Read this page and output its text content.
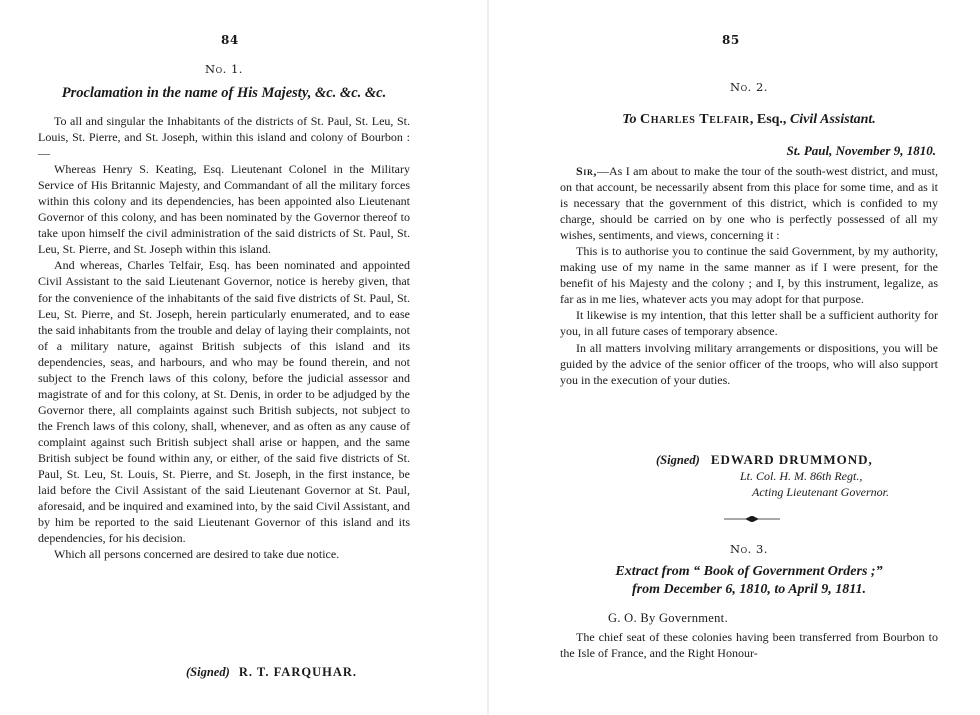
84
No. 1.
Proclamation in the name of His Majesty, &c. &c. &c.

To all and singular the Inhabitants of the districts of St. Paul, St. Leu, St. Louis, St. Pierre, and St. Joseph, within this island and colony of Bourbon :—

Whereas Henry S. Keating, Esq. Lieutenant Colonel in the Military Service of His Britannic Majesty, and Commandant of all the military forces within this colony and its dependencies, has been appointed also Lieutenant Governor of this colony, and has been nominated by the Governor thereof to take upon himself the civil administration of the said districts of St. Paul, St. Leu, St. Pierre, and St. Joseph within this island.

And whereas, Charles Telfair, Esq. has been nominated and appointed Civil Assistant to the said Lieutenant Governor, notice is hereby given, that for the convenience of the inhabitants of the said five districts of St. Paul, St. Leu, St. Pierre, and St. Joseph, herein particularly enumerated, and to ease the said inhabitants from the trouble and delay of laying their complaints, not of a military nature, against British subjects of this island and its dependencies, seas, and harbours, and who may be found therein, and not subject to the French laws of this colony, before the judicial assessor and magistrate of and for this colony, at St. Denis, in order to be adjudged by the Governor there, all complaints against such British subjects, not subject to the French laws of this colony, shall, whenever, and as often as any cause of complaint against such British subject shall arise or happen, and the same British subject be found within any, or either, of the said five districts of St. Paul, St. Leu, St. Louis, St. Pierre, and St. Joseph, in the first instance, be laid before the Civil Assistant of the said Lieutenant Governor at St. Paul, aforesaid, and be inquired and examined into, by the said Civil Assistant, and by him be reported to the said Lieutenant Governor of this island and its dependencies, for his decision.

Which all persons concerned are desired to take due notice.

(Signed) R. T. FARQUHAR.
85
No. 2.
To Charles Telfair, Esq., Civil Assistant.
St. Paul, November 9, 1810.

Sir,—As I am about to make the tour of the south-west district, and must, on that account, be necessarily absent from this place for some time, and as it is necessary that the government of this district, which is confided to my charge, should be carried on by one who is perfectly possessed of all my wishes, sentiments, and views, concerning it :

This is to authorise you to continue the said Government, by my authority, making use of my name in the same manner as if I were present, for the benefit of his Majesty and the colony ; and I, by this instrument, legalize, as far as in me lies, whatever acts you may adopt for that purpose.

It likewise is my intention, that this letter shall be a sufficient authority for you, in all future cases of temporary absence.

In all matters involving military arrangements or dispositions, you will be guided by the advice of the senior officer of the troops, who will also support you in the execution of your duties.

(Signed) EDWARD DRUMMOND,
Lt. Col. H. M. 86th Regt.,
Acting Lieutenant Governor.
No. 3.
Extract from “ Book of Government Orders ;”
from December 6, 1810, to April 9, 1811.
G. O. By Government.

The chief seat of these colonies having been transferred from Bourbon to the Isle of France, and the Right Honour-
